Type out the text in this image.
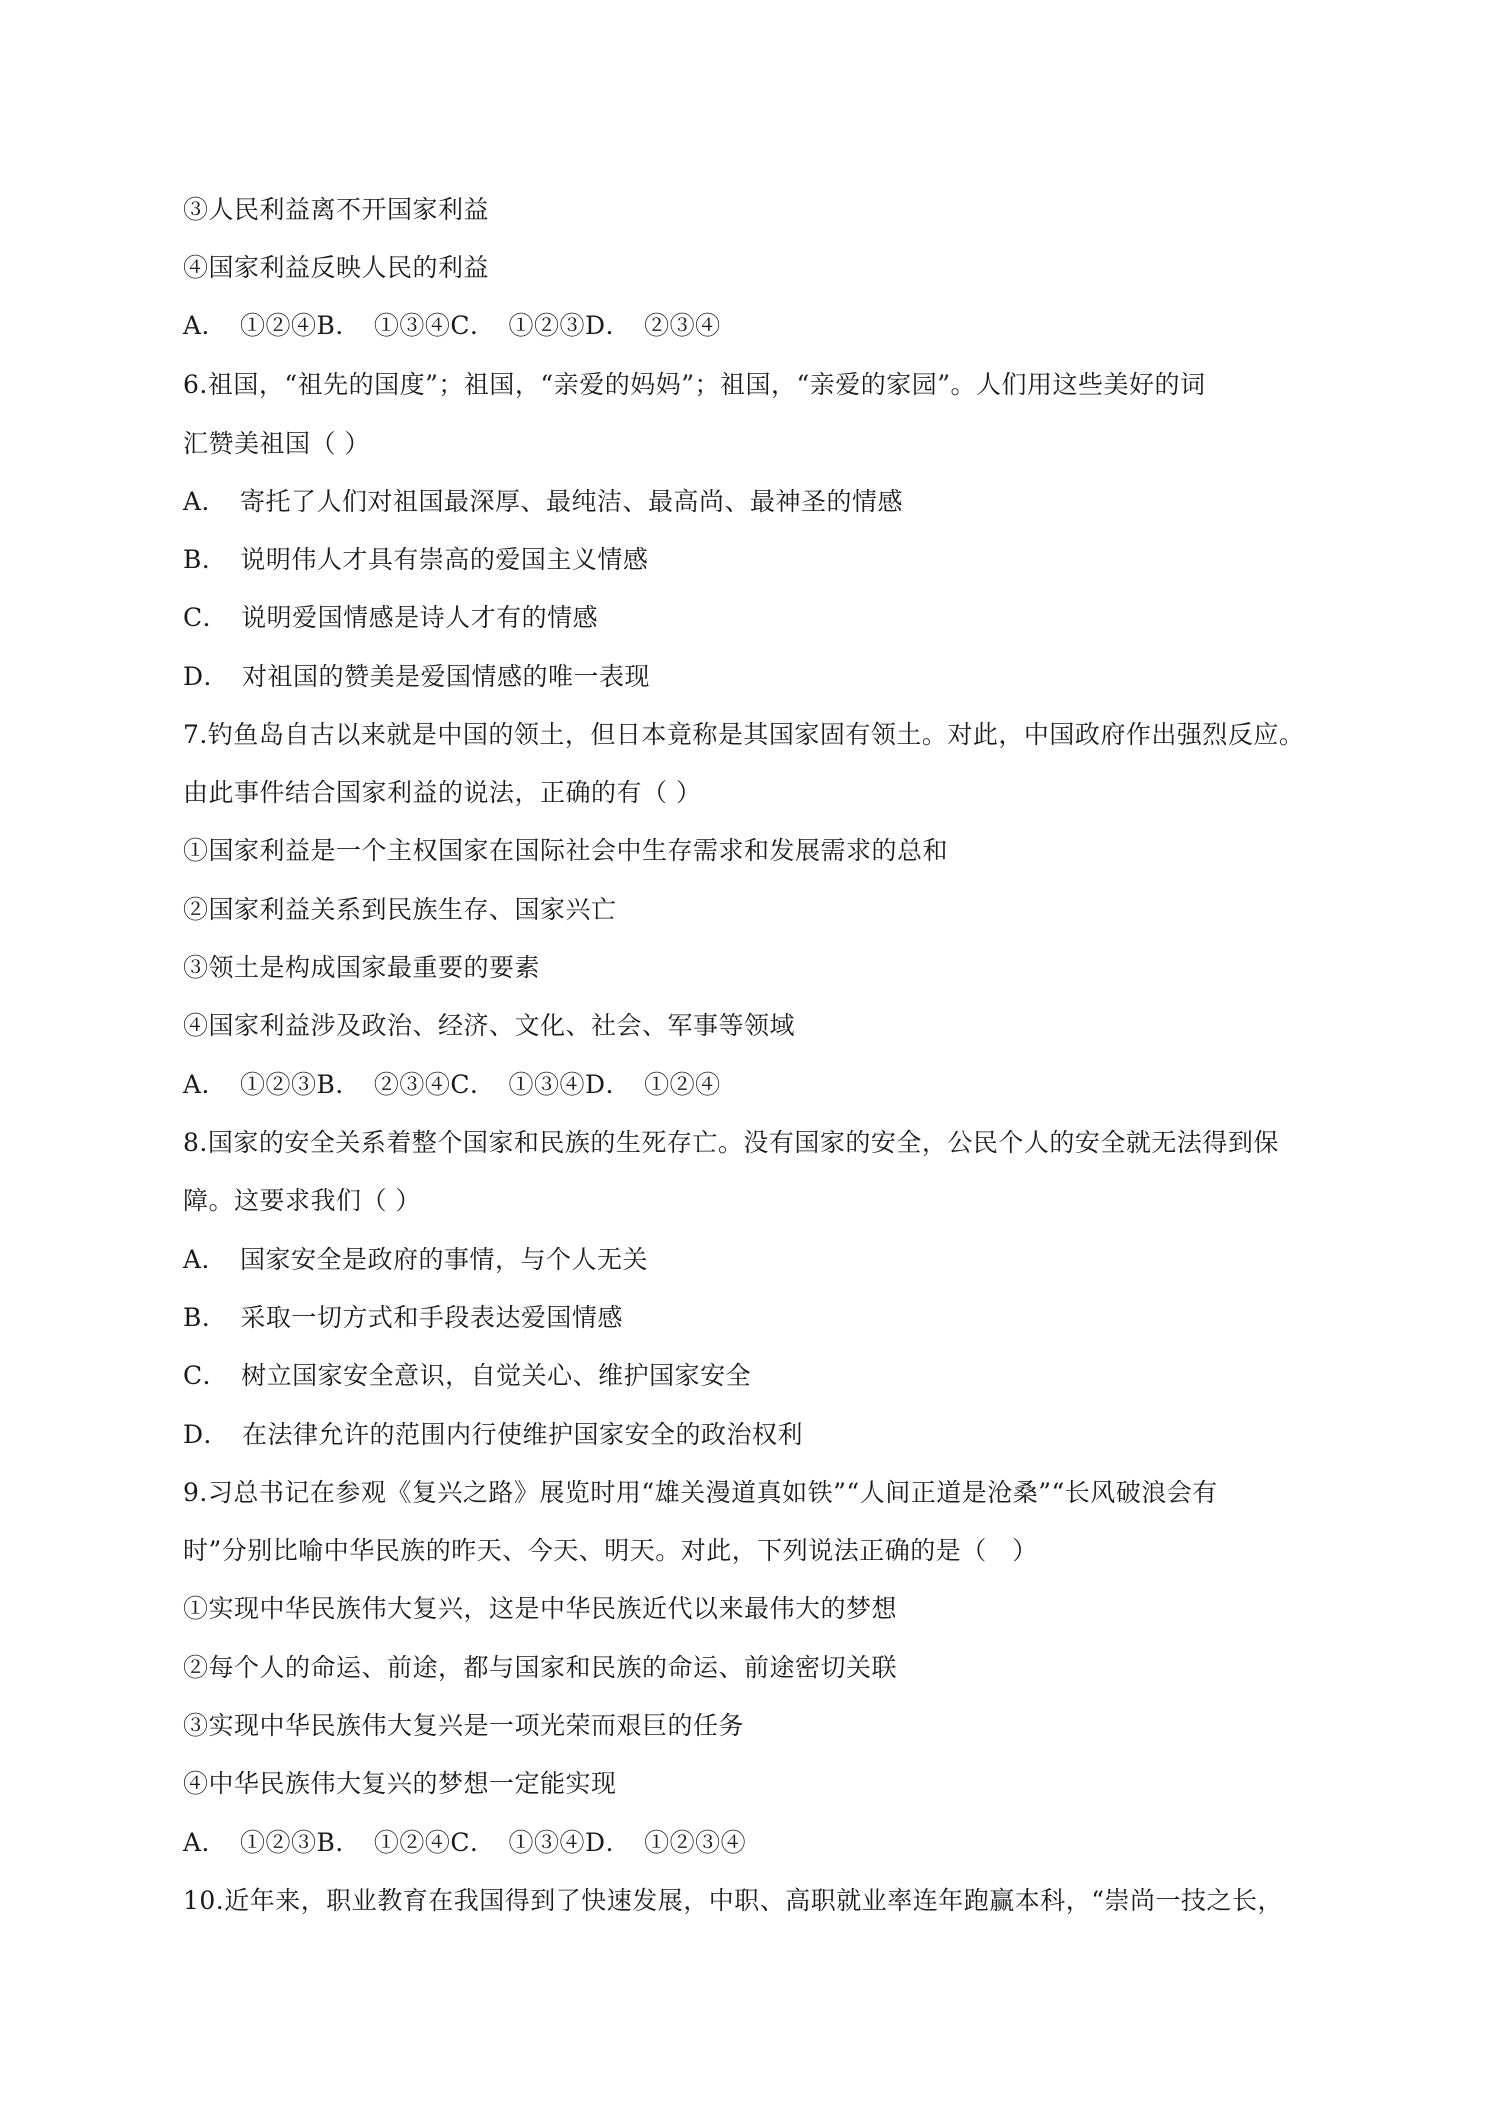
③人民利益离不开国家利益
④国家利益反映人民的利益
A．　①②④B．　①③④C．　①②③D．　②③④
6.祖国，“祖先的国度”；祖国，“亲爱的妈妈”；祖国，“亲爱的家园”。人们用这些美好的词
汇赞美祖国（ ）
A．　寄托了人们对祖国最深厚、最纯洁、最高尚、最神圣的情感
B．　说明伟人才具有崇高的爱国主义情感
C．　说明爱国情感是诗人才有的情感
D．　对祖国的赞美是爱国情感的唯一表现
7.钓鱼岛自古以来就是中国的领土，但日本竟称是其国家固有领土。对此，中国政府作出强烈反应。
由此事件结合国家利益的说法，正确的有（ ）
①国家利益是一个主权国家在国际社会中生存需求和发展需求的总和
②国家利益关系到民族生存、国家兴亡
③领土是构成国家最重要的要素
④国家利益涉及政治、经济、文化、社会、军事等领域
A．　①②③B．　②③④C．　①③④D．　①②④
8.国家的安全关系着整个国家和民族的生死存亡。没有国家的安全，公民个人的安全就无法得到保
障。这要求我们（ ）
A．　国家安全是政府的事情，与个人无关
B．　采取一切方式和手段表达爱国情感
C．　树立国家安全意识，自觉关心、维护国家安全
D．　在法律允许的范围内行使维护国家安全的政治权利
9.习总书记在参观《复兴之路》展览时用“雄关漫道真如铁”“人间正道是沧桑”“长风破浪会有
时”分别比喻中华民族的昨天、今天、明天。对此，下列说法正确的是（　）
①实现中华民族伟大复兴，这是中华民族近代以来最伟大的梦想
②每个人的命运、前途，都与国家和民族的命运、前途密切关联
③实现中华民族伟大复兴是一项光荣而艰巨的任务
④中华民族伟大复兴的梦想一定能实现
A．　①②③B．　①②④C．　①③④D．　①②③④
10.近年来，职业教育在我国得到了快速发展，中职、高职就业率连年跑赢本科，“崇尚一技之长，
